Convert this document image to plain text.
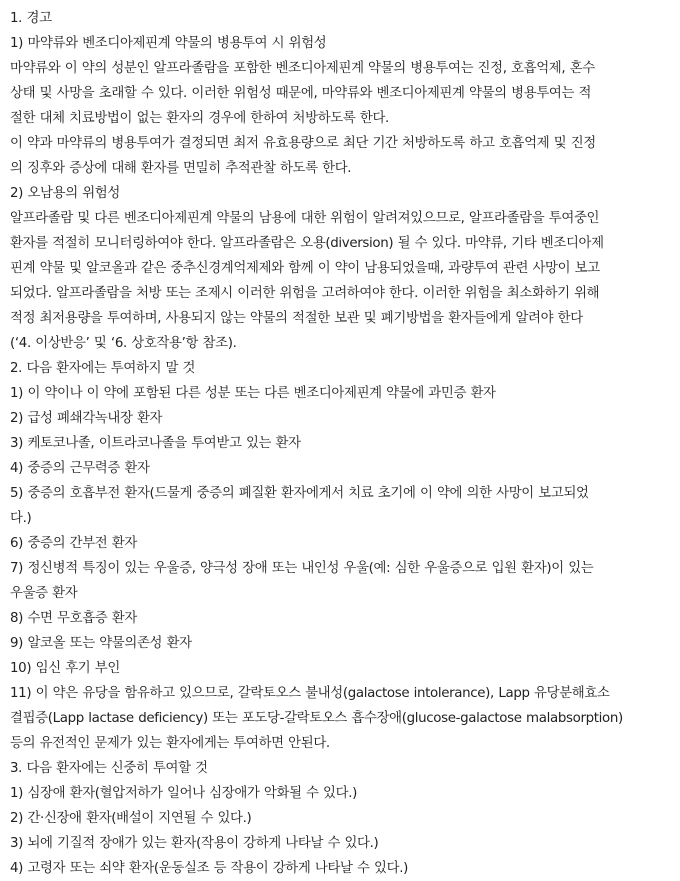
1. 경고
1) 마약류와 벤조디아제핀계 약물의 병용투여 시 위험성
마약류와 이 약의 성분인 알프라졸람을 포함한 벤조디아제핀계 약물의 병용투여는 진정, 호흡억제, 혼수
상태 및 사망을 초래할 수 있다. 이러한 위험성 때문에, 마약류와 벤조디아제핀계 약물의 병용투여는 적
절한 대체 치료방법이 없는 환자의 경우에 한하여 처방하도록 한다.
이 약과 마약류의 병용투여가 결정되면 최저 유효용량으로 최단 기간 처방하도록 하고 호흡억제 및 진정
의 징후와 증상에 대해 환자를 면밀히 추적관찰 하도록 한다.
2) 오남용의 위험성
알프라졸람 및 다른 벤조디아제핀계 약물의 남용에 대한 위험이 알려져있으므로, 알프라졸람을 투여중인
환자를 적절히 모니터링하여야 한다. 알프라졸람은 오용(diversion) 될 수 있다. 마약류, 기타 벤조디아제
핀계 약물 및 알코올과 같은 중추신경계억제제와 함께 이 약이 남용되었을때, 과량투여 관련 사망이 보고
되었다. 알프라졸람을 처방 또는 조제시 이러한 위험을 고려하여야 한다. 이러한 위험을 최소화하기 위해
적정 최저용량을 투여하며, 사용되지 않는 약물의 적절한 보관 및 폐기방법을 환자들에게 알려야 한다
(‘4. 이상반응’ 및 ‘6. 상호작용’항 참조).
2. 다음 환자에는 투여하지 말 것
1) 이 약이나 이 약에 포함된 다른 성분 또는 다른 벤조디아제핀계 약물에 과민증 환자
2) 급성 폐쇄각녹내장 환자
3) 케토코나졸, 이트라코나졸을 투여받고 있는 환자
4) 중증의 근무력증 환자
5) 중증의 호흡부전 환자(드물게 중증의 폐질환 환자에게서 치료 초기에 이 약에 의한 사망이 보고되었
다.)
6) 중증의 간부전 환자
7) 정신병적 특징이 있는 우울증, 양극성 장애 또는 내인성 우울(예: 심한 우울증으로 입원 환자)이 있는
우울증 환자
8) 수면 무호흡증 환자
9) 알코올 또는 약물의존성 환자
10) 임신 후기 부인
11) 이 약은 유당을 함유하고 있으므로, 갈락토오스 불내성(galactose intolerance), Lapp 유당분해효소
결핍증(Lapp lactase deficiency) 또는 포도당-갈락토오스 흡수장애(glucose-galactose malabsorption)
등의 유전적인 문제가 있는 환자에게는 투여하면 안된다.
3. 다음 환자에는 신중히 투여할 것
1) 심장애 환자(혈압저하가 일어나 심장애가 악화될 수 있다.)
2) 간·신장애 환자(배설이 지연될 수 있다.)
3) 뇌에 기질적 장애가 있는 환자(작용이 강하게 나타날 수 있다.)
4) 고령자 또는 쇠약 환자(운동실조 등 작용이 강하게 나타날 수 있다.)
